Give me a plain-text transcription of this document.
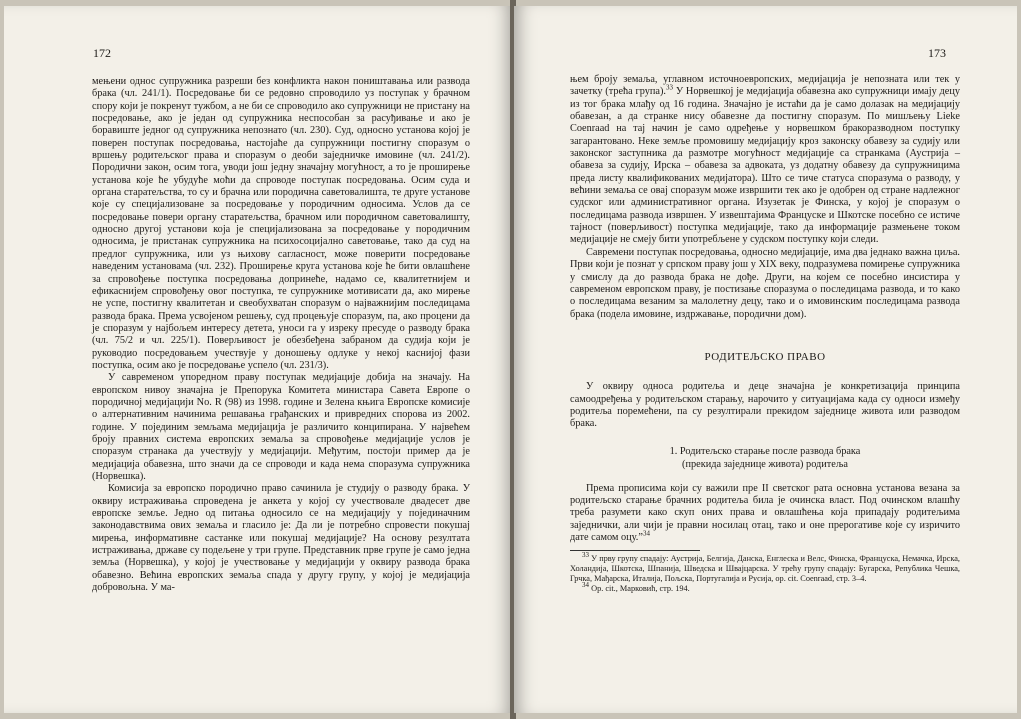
172

мењени однос супружника разреши без конфликта након поништавања или развода брака (чл. 241/1). Посредовање би се редовно спроводило уз поступак у брачном спору који је покренут тужбом, а не би се спроводило ако супружници не пристану на посредовање, ако је један од супружника неспособан за расуђивање и ако је боравиште једног од супружника непознато (чл. 230). Суд, односно установа којој је поверен поступак посредовања, настојаће да супружници постигну споразум о вршењу родитељског права и споразум о деоби заједничке имовине (чл. 241/2). Породични закон, осим тога, уводи још једну значајну могућност, а то је проширење установа које ће убудуће моћи да спроводе поступак посредовања. Осим суда и органа старатељства, то су и брачна или породична саветовалишта, те друге установе које су специјализоване за посредовање у породичним односима. Услов да се посредовање повери органу старатељства, брачном или породичном саветовалишту, односно другој установи која је специјализована за посредовање у породичним односима, је пристанак супружника на психосоцијално саветовање, тако да суд на предлог супружника, или уз њихову сагласност, може поверити посредовање наведеним установама (чл. 232). Проширење круга установа које ће бити овлашћене за спровођење поступка посредовања допринеће, надамо се, квалитетнијем и ефикаснијем спровођењу овог поступка, те супружнике мотивисати да, ако мирење не успе, постигну квалитетан и свеобухватан споразум о најважнијим последицама развода брака. Према усвојеном решењу, суд процењује споразум, па, ако процени да је споразум у најбољем интересу детета, уноси га у изреку пресуде о разводу брака (чл. 75/2 и чл. 225/1). Поверљивост је обезбеђена забраном да судија који је руководио посредовањем учествује у доношењу одлуке у некој каснијој фази поступка, осим ако је посредовање успело (чл. 231/3).

У савременом упоредном праву поступак медијације добија на значају. На европском нивоу значајна је Препорука Комитета министара Савета Европе о породичној медијацији No. R (98) из 1998. године и Зелена књига Европске комисије о алтернативним начинима решавања грађанских и привредних спорова из 2002. године. У појединим земљама медијација је различито конципирана. У највећем броју правних система европских земаља за спровођење медијације услов је споразум странака да учествују у медијацији. Међутим, постоји пример да је медијација обавезна, што значи да се спроводи и када нема споразума супружника (Норвешка).

Комисија за европско породично право сачинила је студију о разводу брака. У оквиру истраживања спроведена је анкета у којој су учествовале двадесет две европске земље. Једно од питања односило се на медијацију у појединачним законодавствима ових земаља и гласило је: Да ли је потребно спровести покушај мирења, информативне састанке или покушај медијације? На основу резултата истраживања, државе су подељене у три групе. Представник прве групе је само једна земља (Норвешка), у којој је учествовање у медијацији у оквиру развода брака обавезно. Већина европских земаља спада у другу групу, у којој је медијација добровољна. У ма-

173

њем броју земаља, углавном источноевропских, медијација је непозната или тек у зачетку (трећа група).$^{33}$ У Норвешкој је медијација обавезна ако супружници имају децу из тог брака млађу од 16 година. Значајно је истаћи да је само долазак на медијацију обавезан, а да странке нису обавезне да постигну споразум. По мишљењу Lieke Coenraad на тај начин је само одређење у норвешком бракоразводном поступку загарантовано. Неке земље промовишу медијацију кроз законску обавезу за судију или законског заступника да размотре могућност медијације са странкама (Аустрија – обавеза за судију, Ирска – обавеза за адвоката, уз додатну обавезу да супружницима преда листу квалификованих медијатора). Што се тиче статуса споразума о разводу, у већини земаља се овај споразум може извршити тек ако је одобрен од стране надлежног судског или административног органа. Изузетак је Финска, у којој је споразум о последицама развода извршен. У извештајима Француске и Шкотске посебно се истиче тајност (поверљивост) поступка медијације, тако да информације размењене током медијације не смеју бити употребљене у судском поступку који следи.

Савремени поступак посредовања, односно медијације, има два једнако важна циља. Први који је познат у српском праву још у XIX веку, подразумева помирење супружника у смислу да до развода брака не дође. Други, на којем се посебно инсистира у савременом европском праву, је постизање споразума о последицама развода, и то како о последицама везаним за малолетну децу, тако и о имовинским последицама развода брака (подела имовине, издржавање, породични дом).

РОДИТЕЉСКО ПРАВО

У оквиру односа родитеља и деце значајна је конкретизација принципа самоодређења у родитељском старању, нарочито у ситуацијама када су односи између родитеља поремећени, па су резултирали прекидом заједнице живота или разводом брака.

1. Родитељско старање после развода брака
(прекида заједнице живота) родитеља

Према прописима који су важили пре II светског рата основна установа везана за родитељско старање брачних родитеља била је очинска власт. Под очинском влашћу треба разумети како скуп оних права и овлашћења која припадају родитељима заједнички, али чији је правни носилац отац, тако и оне прерогативе које су изричито дате самом оцу.”$^{34}$

$^{33}$ У прву групу спадају: Аустрија, Белгија, Данска, Енглеска и Велс, Финска, Француска, Немачка, Ирска, Холандија, Шкотска, Шпанија, Шведска и Швајцарска. У трећу групу спадају: Бугарска, Република Чешка, Грчка, Мађарска, Италија, Пољска, Португалија и Русија, op. cit. Coenraad, стр. 3–4.

$^{34}$ Op. cit., Марковић, стр. 194.
